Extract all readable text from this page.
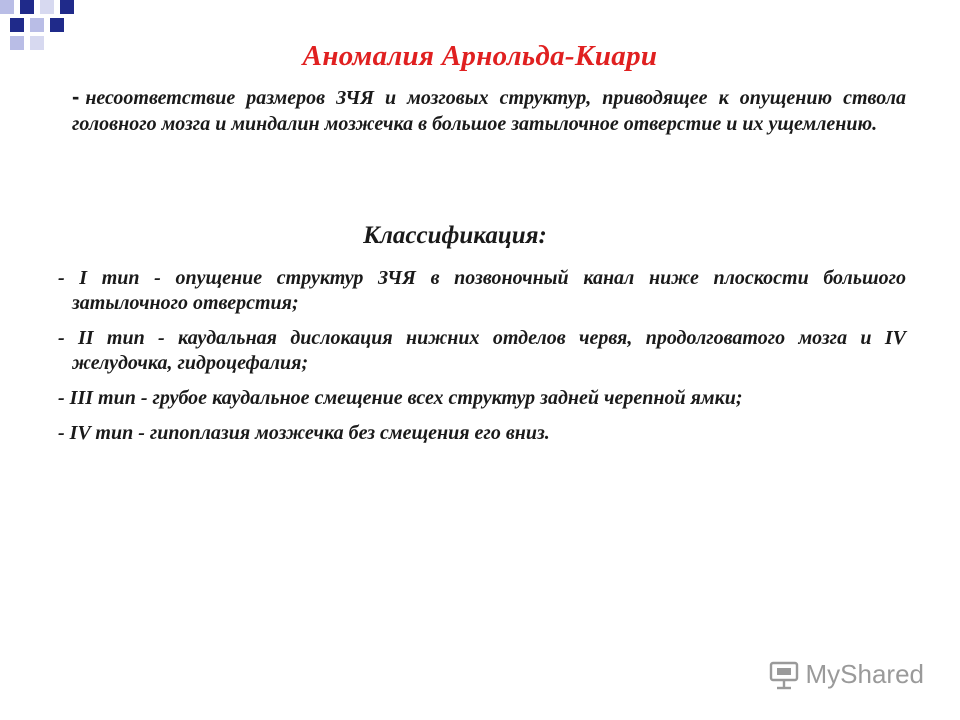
Аномалия Арнольда-Киари

- несоответствие размеров ЗЧЯ и мозговых структур, приводящее к опущению ствола головного мозга и миндалин мозжечка в большое затылочное отверстие и их ущемлению.

Классификация:

- I тип - опущение структур ЗЧЯ в позвоночный канал ниже плоскости большого затылочного отверстия;

- II тип - каудальная дислокация нижних отделов червя, продолговатого мозга и IV желудочка, гидроцефалия;

- III тип - грубое каудальное смещение всех структур задней черепной ямки;

- IV тип - гипоплазия мозжечка без смещения его вниз.

MyShared
